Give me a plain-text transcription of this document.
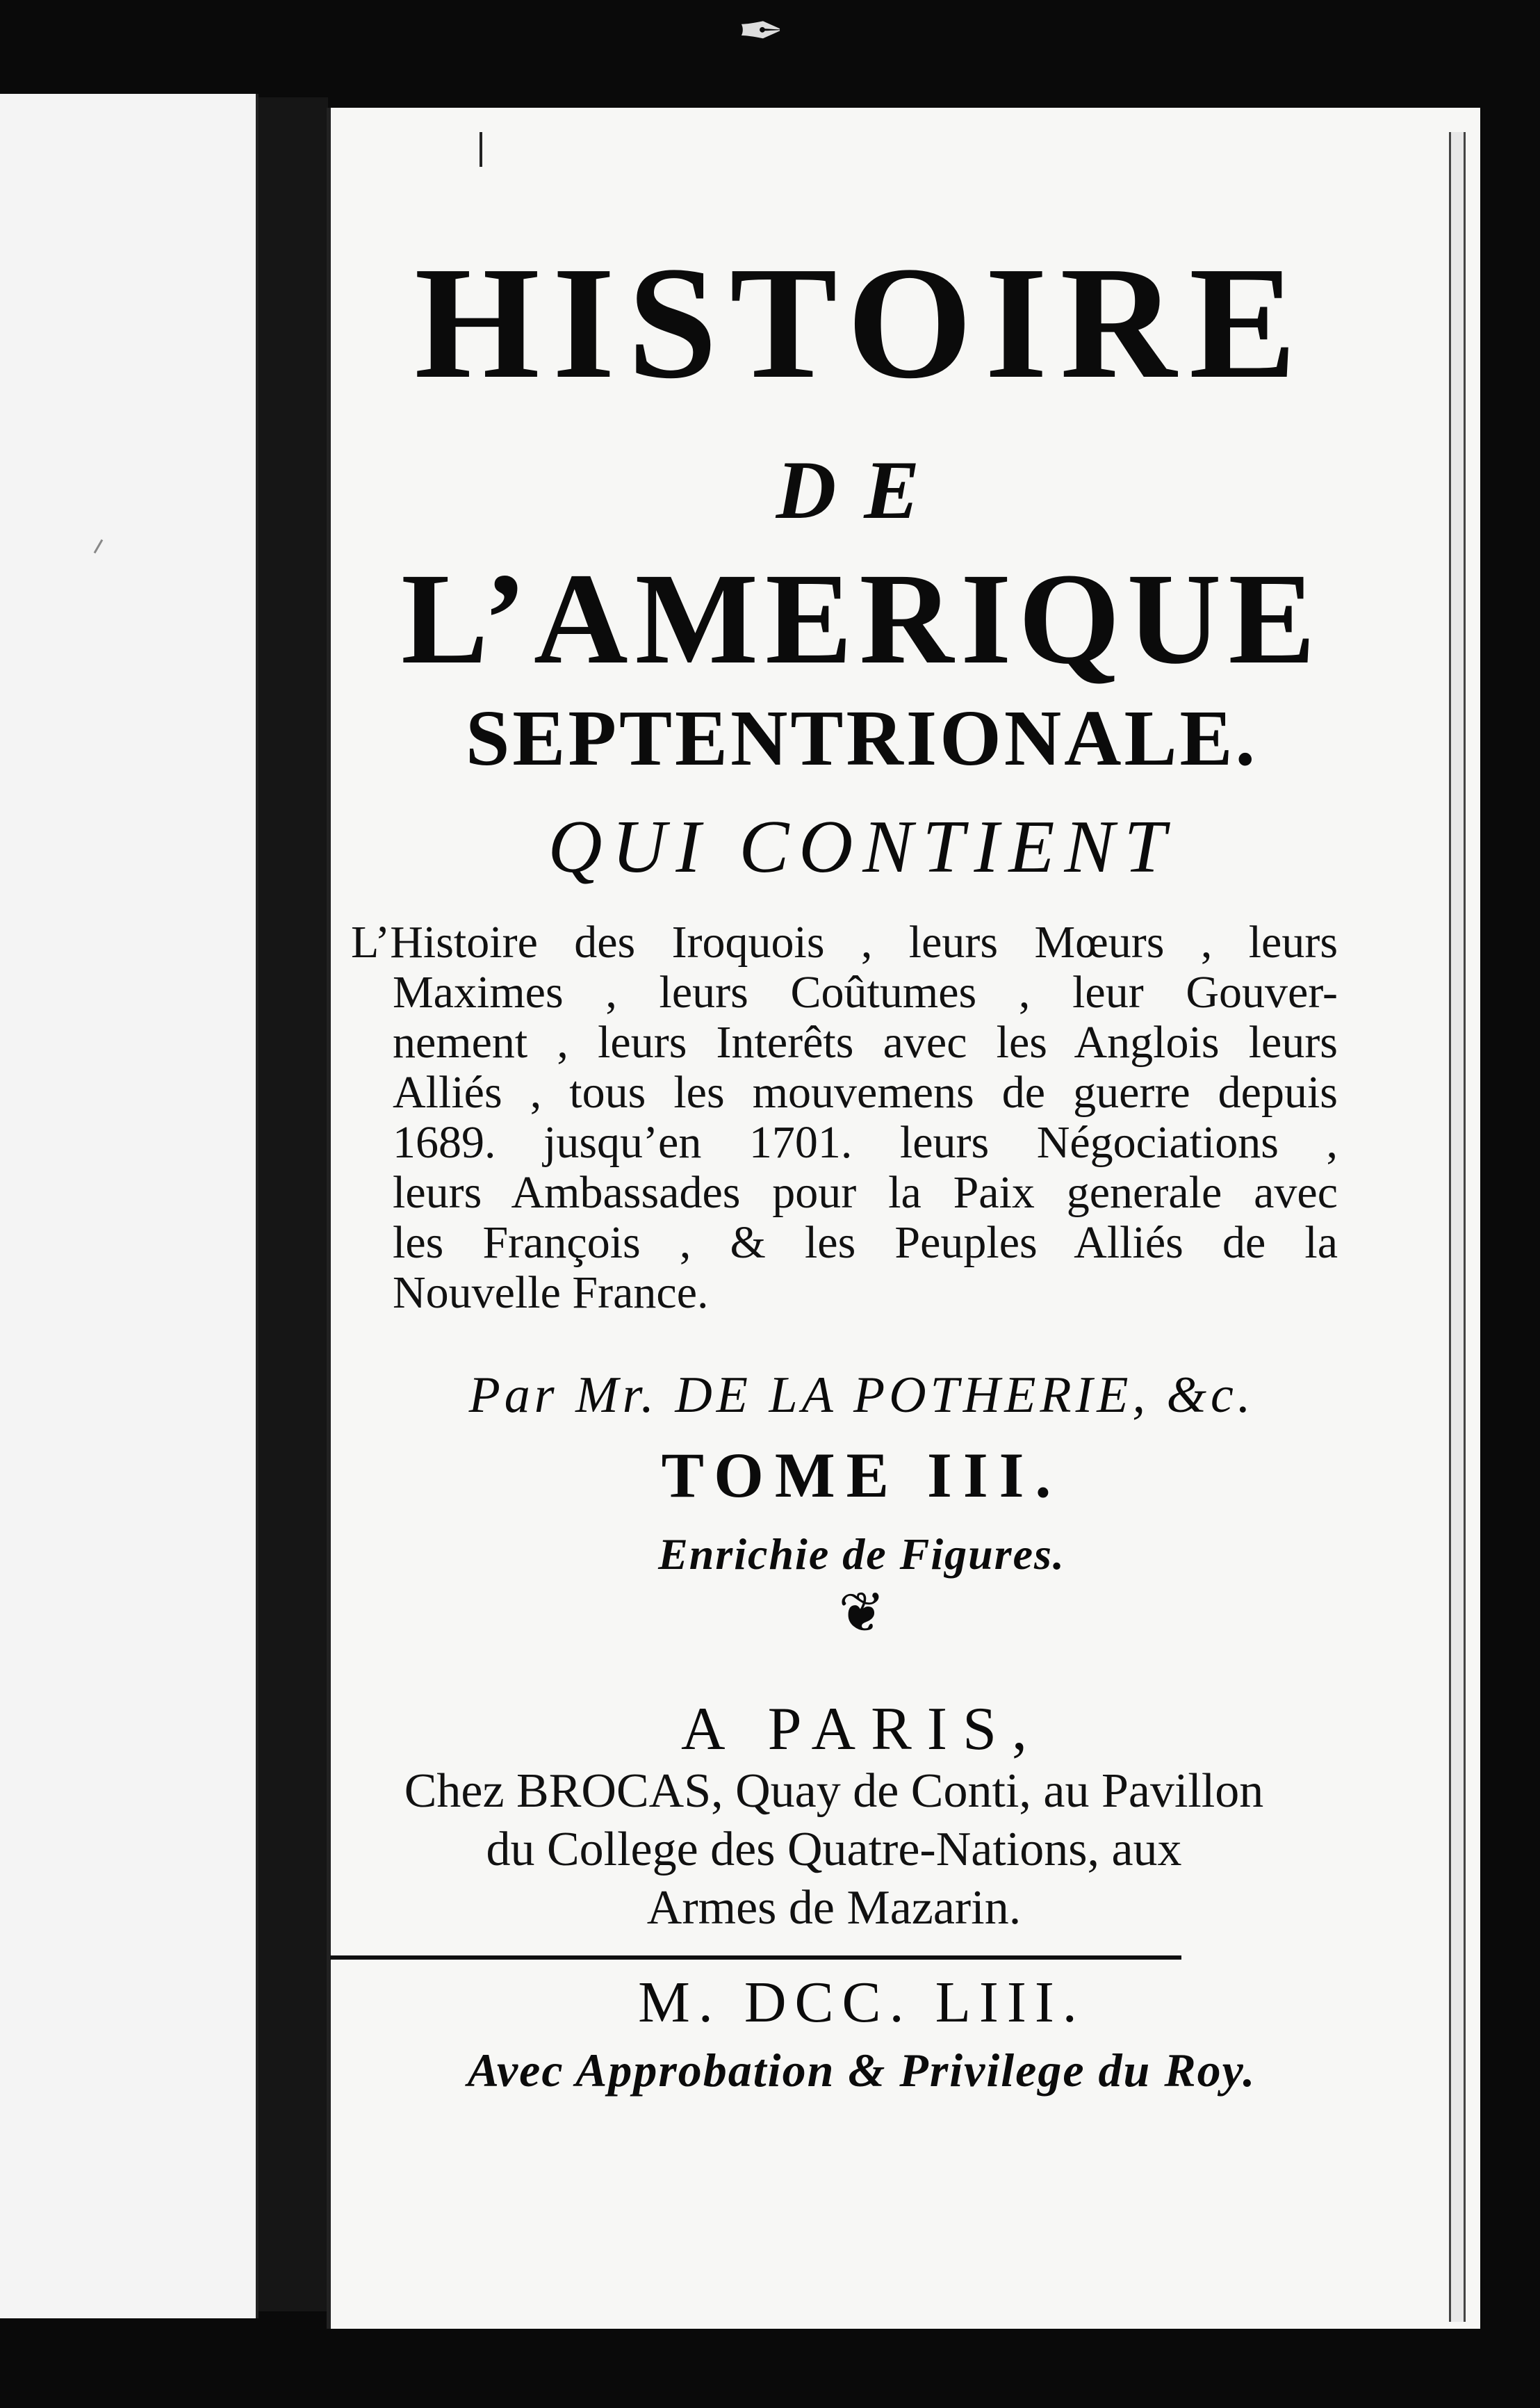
✒
HISTOIRE
DE
L’AMERIQUE
SEPTENTRIONALE.
QUI CONTIENT
L’Histoire des Iroquois , leurs Mœurs , leurs
Maximes , leurs Coûtumes , leur Gouver-
nement , leurs Interêts avec les Anglois leurs
Alliés , tous les mouvemens de guerre depuis
1689. jusqu’en 1701. leurs Négociations ,
leurs Ambassades pour la Paix generale avec
les François , & les Peuples Alliés de la
Nouvelle France.
Par Mr. DE LA POTHERIE, &c.
TOME III.
Enrichie de Figures.
❦
A PARIS,
Chez BROCAS, Quay de Conti, au Pavillon
du College des Quatre-Nations, aux
Armes de Mazarin.
M. DCC. LIII.
Avec Approbation & Privilege du Roy.
